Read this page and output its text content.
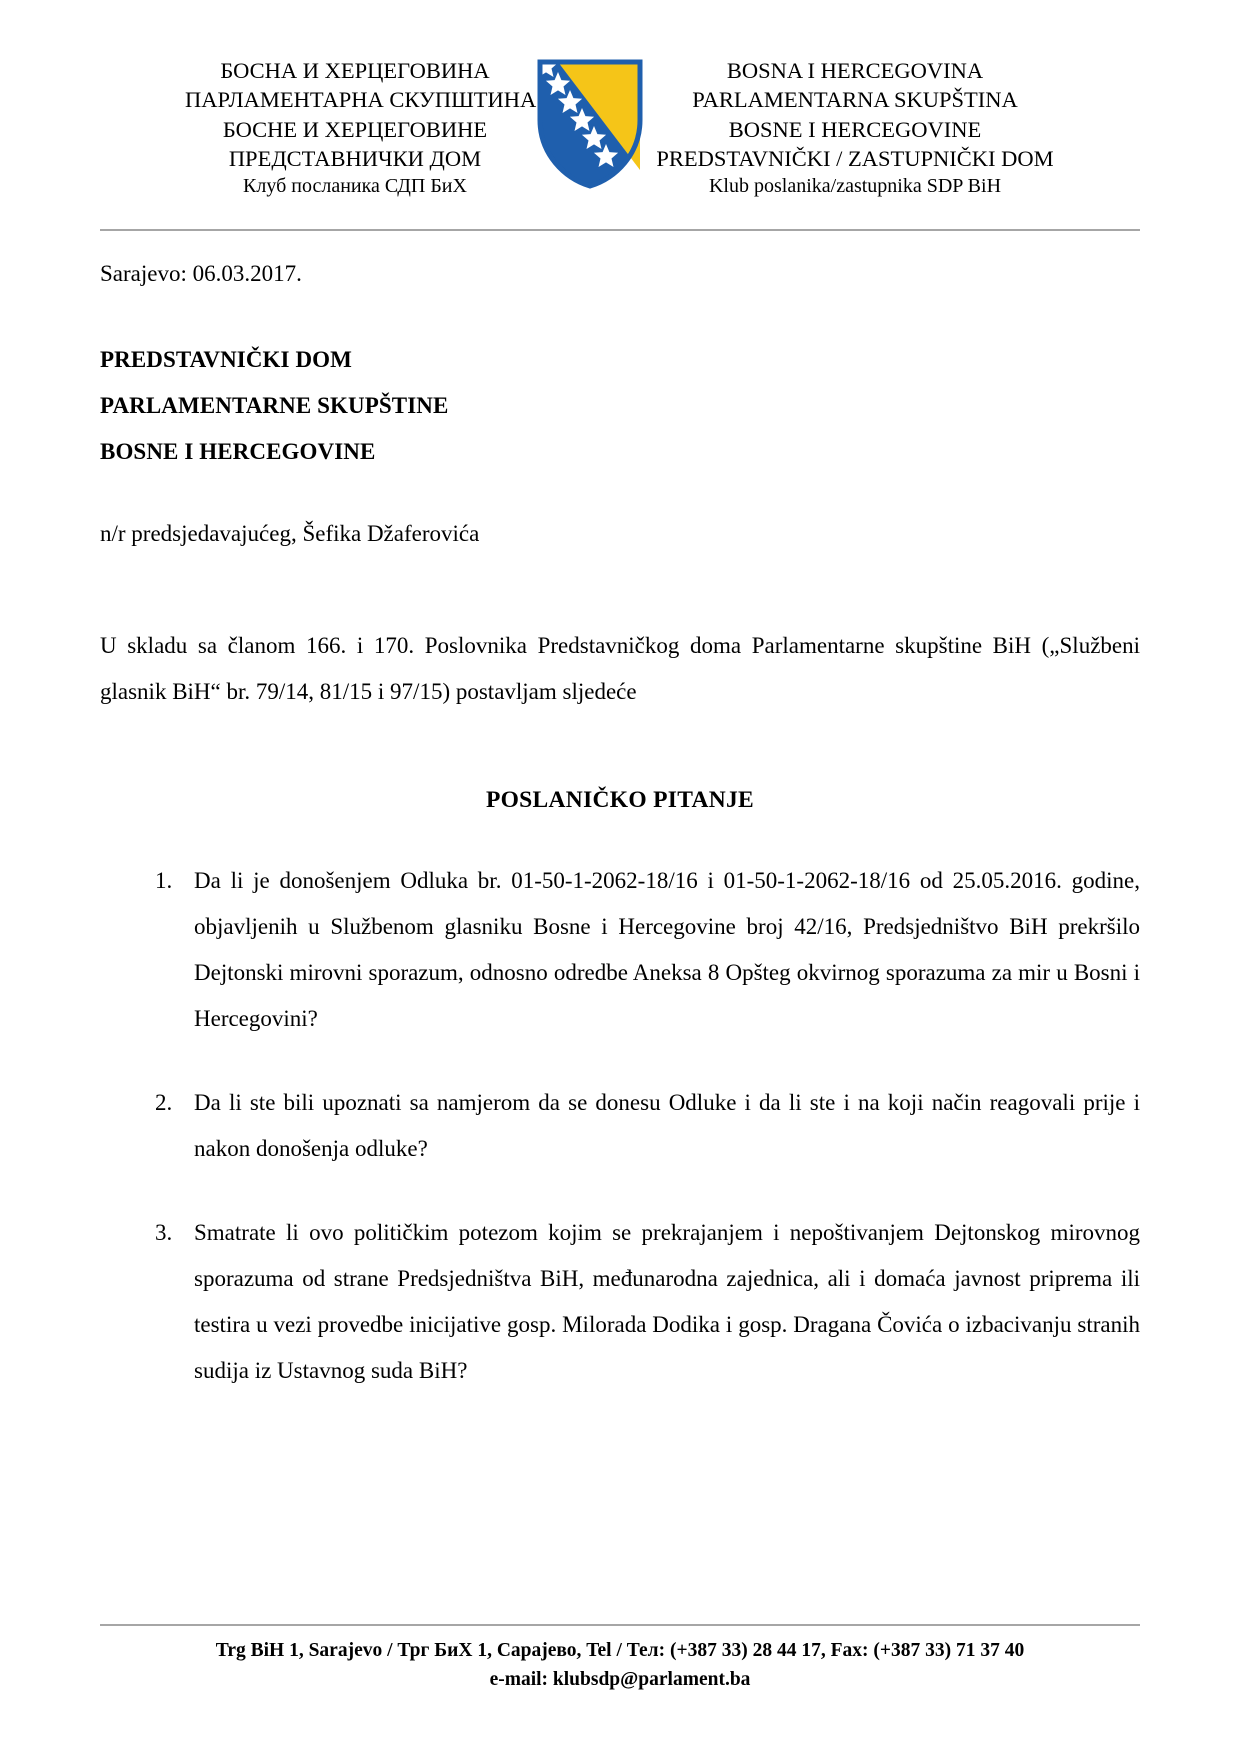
БОСНА И ХЕРЦЕГОВИНА
ПАРЛАМЕНТАРНА СКУПШТИНА
БОСНЕ И ХЕРЦЕГОВИНЕ
ПРЕДСТАВНИЧКИ ДОМ
Клуб посланика СДП БиХ
BOSNA I HERCEGOVINA
PARLAMENTARNA SKUPŠTINA
BOSNE I HERCEGOVINE
PREDSTAVNIČKI / ZASTUPNIČKI DOM
Klub poslanika/zastupnika SDP BiH
Sarajevo: 06.03.2017.
PREDSTAVNIČKI DOM
PARLAMENTARNE SKUPŠTINE
BOSNE I HERCEGOVINE
n/r predsjedavajućeg, Šefika Džaferovića

U skladu sa članom 166. i 170. Poslovnika Predstavničkog doma Parlamentarne skupštine BiH („Službeni glasnik BiH“ br. 79/14, 81/15 i 97/15) postavljam sljedeće

POSLANIČKO PITANJE
1. Da li je donošenjem Odluka br. 01-50-1-2062-18/16 i 01-50-1-2062-18/16 od 25.05.2016. godine, objavljenih u Službenom glasniku Bosne i Hercegovine broj 42/16, Predsjedništvo BiH prekršilo Dejtonski mirovni sporazum, odnosno odredbe Aneksa 8 Opšteg okvirnog sporazuma za mir u Bosni i Hercegovini?
2. Da li ste bili upoznati sa namjerom da se donesu Odluke i da li ste i na koji način reagovali prije i nakon donošenja odluke?
3. Smatrate li ovo političkim potezom kojim se prekrajanjem i nepoštivanjem Dejtonskog mirovnog sporazuma od strane Predsjedništva BiH, međunarodna zajednica, ali i domaća javnost priprema ili testira u vezi provedbe inicijative gosp. Milorada Dodika i gosp. Dragana Čovića o izbacivanju stranih sudija iz Ustavnog suda BiH?
Trg BiH 1, Sarajevo / Трг БиХ 1, Сарајево, Tel / Тел: (+387 33) 28 44 17, Fax: (+387 33) 71 37 40
e-mail: klubsdp@parlament.ba
